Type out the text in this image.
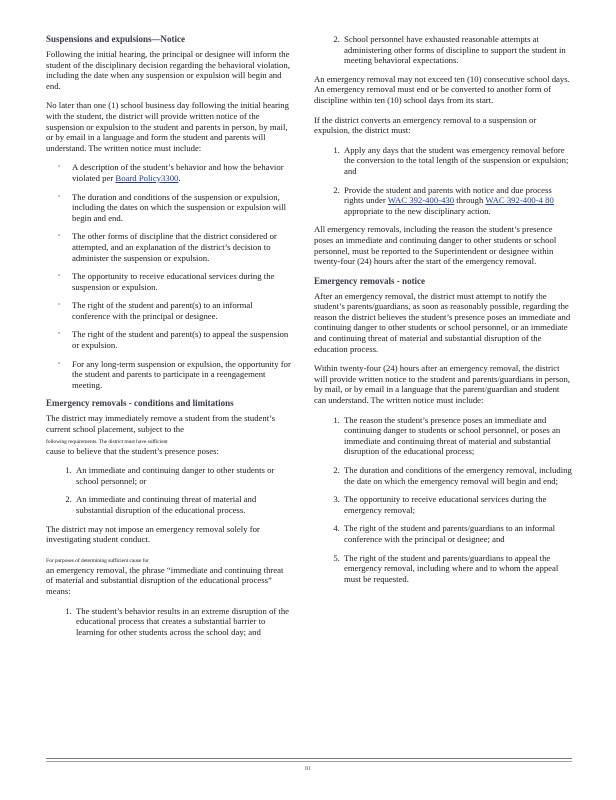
Suspensions and expulsions—Notice

Following the initial hearing, the principal or designee will inform the student of the disciplinary decision regarding the behavioral violation, including the date when any suspension or expulsion will begin and end.

No later than one (1) school business day following the initial hearing with the student, the district will provide written notice of the suspension or expulsion to the student and parents in person, by mail, or by email in a language and form the student and parents will understand. The written notice must include:

▫ A description of the student’s behavior and how the behavior violated per Board Policy3300.
▫ The duration and conditions of the suspension or expulsion, including the dates on which the suspension or expulsion will begin and end.
▫ The other forms of discipline that the district considered or attempted, and an explanation of the district’s decision to administer the suspension or expulsion.
▫ The opportunity to receive educational services during the suspension or expulsion.
▫ The right of the student and parent(s) to an informal conference with the principal or designee.
▫ The right of the student and parent(s) to appeal the suspension or expulsion.
▫ For any long-term suspension or expulsion, the opportunity for the student and parents to participate in a reengagement meeting.
Emergency removals - conditions and limitations

The district may immediately remove a student from the student’s current school placement, subject to the
following requirements. The district must have sufficient
cause to believe that the student’s presence poses:

1. An immediate and continuing danger to other students or school personnel; or
2. An immediate and continuing threat of material and substantial disruption of the educational process.

The district may not impose an emergency removal solely for investigating student conduct.

For purposes of determining sufficient cause for
an emergency removal, the phrase “immediate and continuing threat of material and substantial disruption of the educational process” means:

1. The student’s behavior results in an extreme disruption of the educational process that creates a substantial barrier to learning for other students across the school day; and
2. School personnel have exhausted reasonable attempts at administering other forms of discipline to support the student in meeting behavioral expectations.

An emergency removal may not exceed ten (10) consecutive school days. An emergency removal must end or be converted to another form of discipline within ten (10) school days from its start.

If the district converts an emergency removal to a suspension or expulsion, the district must:

1. Apply any days that the student was emergency removal before the conversion to the total length of the suspension or expulsion; and
2. Provide the student and parents with notice and due process rights under WAC 392-400-430 through WAC 392-400-4 80 appropriate to the new disciplinary action.

All emergency removals, including the reason the student’s presence poses an immediate and continuing danger to other students or school personnel, must be reported to the Superintendent or designee within twenty-four (24) hours after the start of the emergency removal.

Emergency removals - notice

After an emergency removal, the district must attempt to notify the student’s parents/guardians, as soon as reasonably possible, regarding the reason the district believes the student’s presence poses an immediate and continuing danger to other students or school personnel, or an immediate and continuing threat of material and substantial disruption of the education process.

Within twenty-four (24) hours after an emergency removal, the district will provide written notice to the student and parents/guardians in person, by mail, or by email in a language that the parent/guardian and student can understand. The written notice must include:

1. The reason the student’s presence poses an immediate and continuing danger to students or school personnel, or poses an immediate and continuing threat of material and substantial disruption of the educational process;
2. The duration and conditions of the emergency removal, including the date on which the emergency removal will begin and end;
3. The opportunity to receive educational services during the emergency removal;
4. The right of the student and parents/guardians to an informal conference with the principal or designee; and
5. The right of the student and parents/guardians to appeal the emergency removal, including where and to whom the appeal must be requested.
81
